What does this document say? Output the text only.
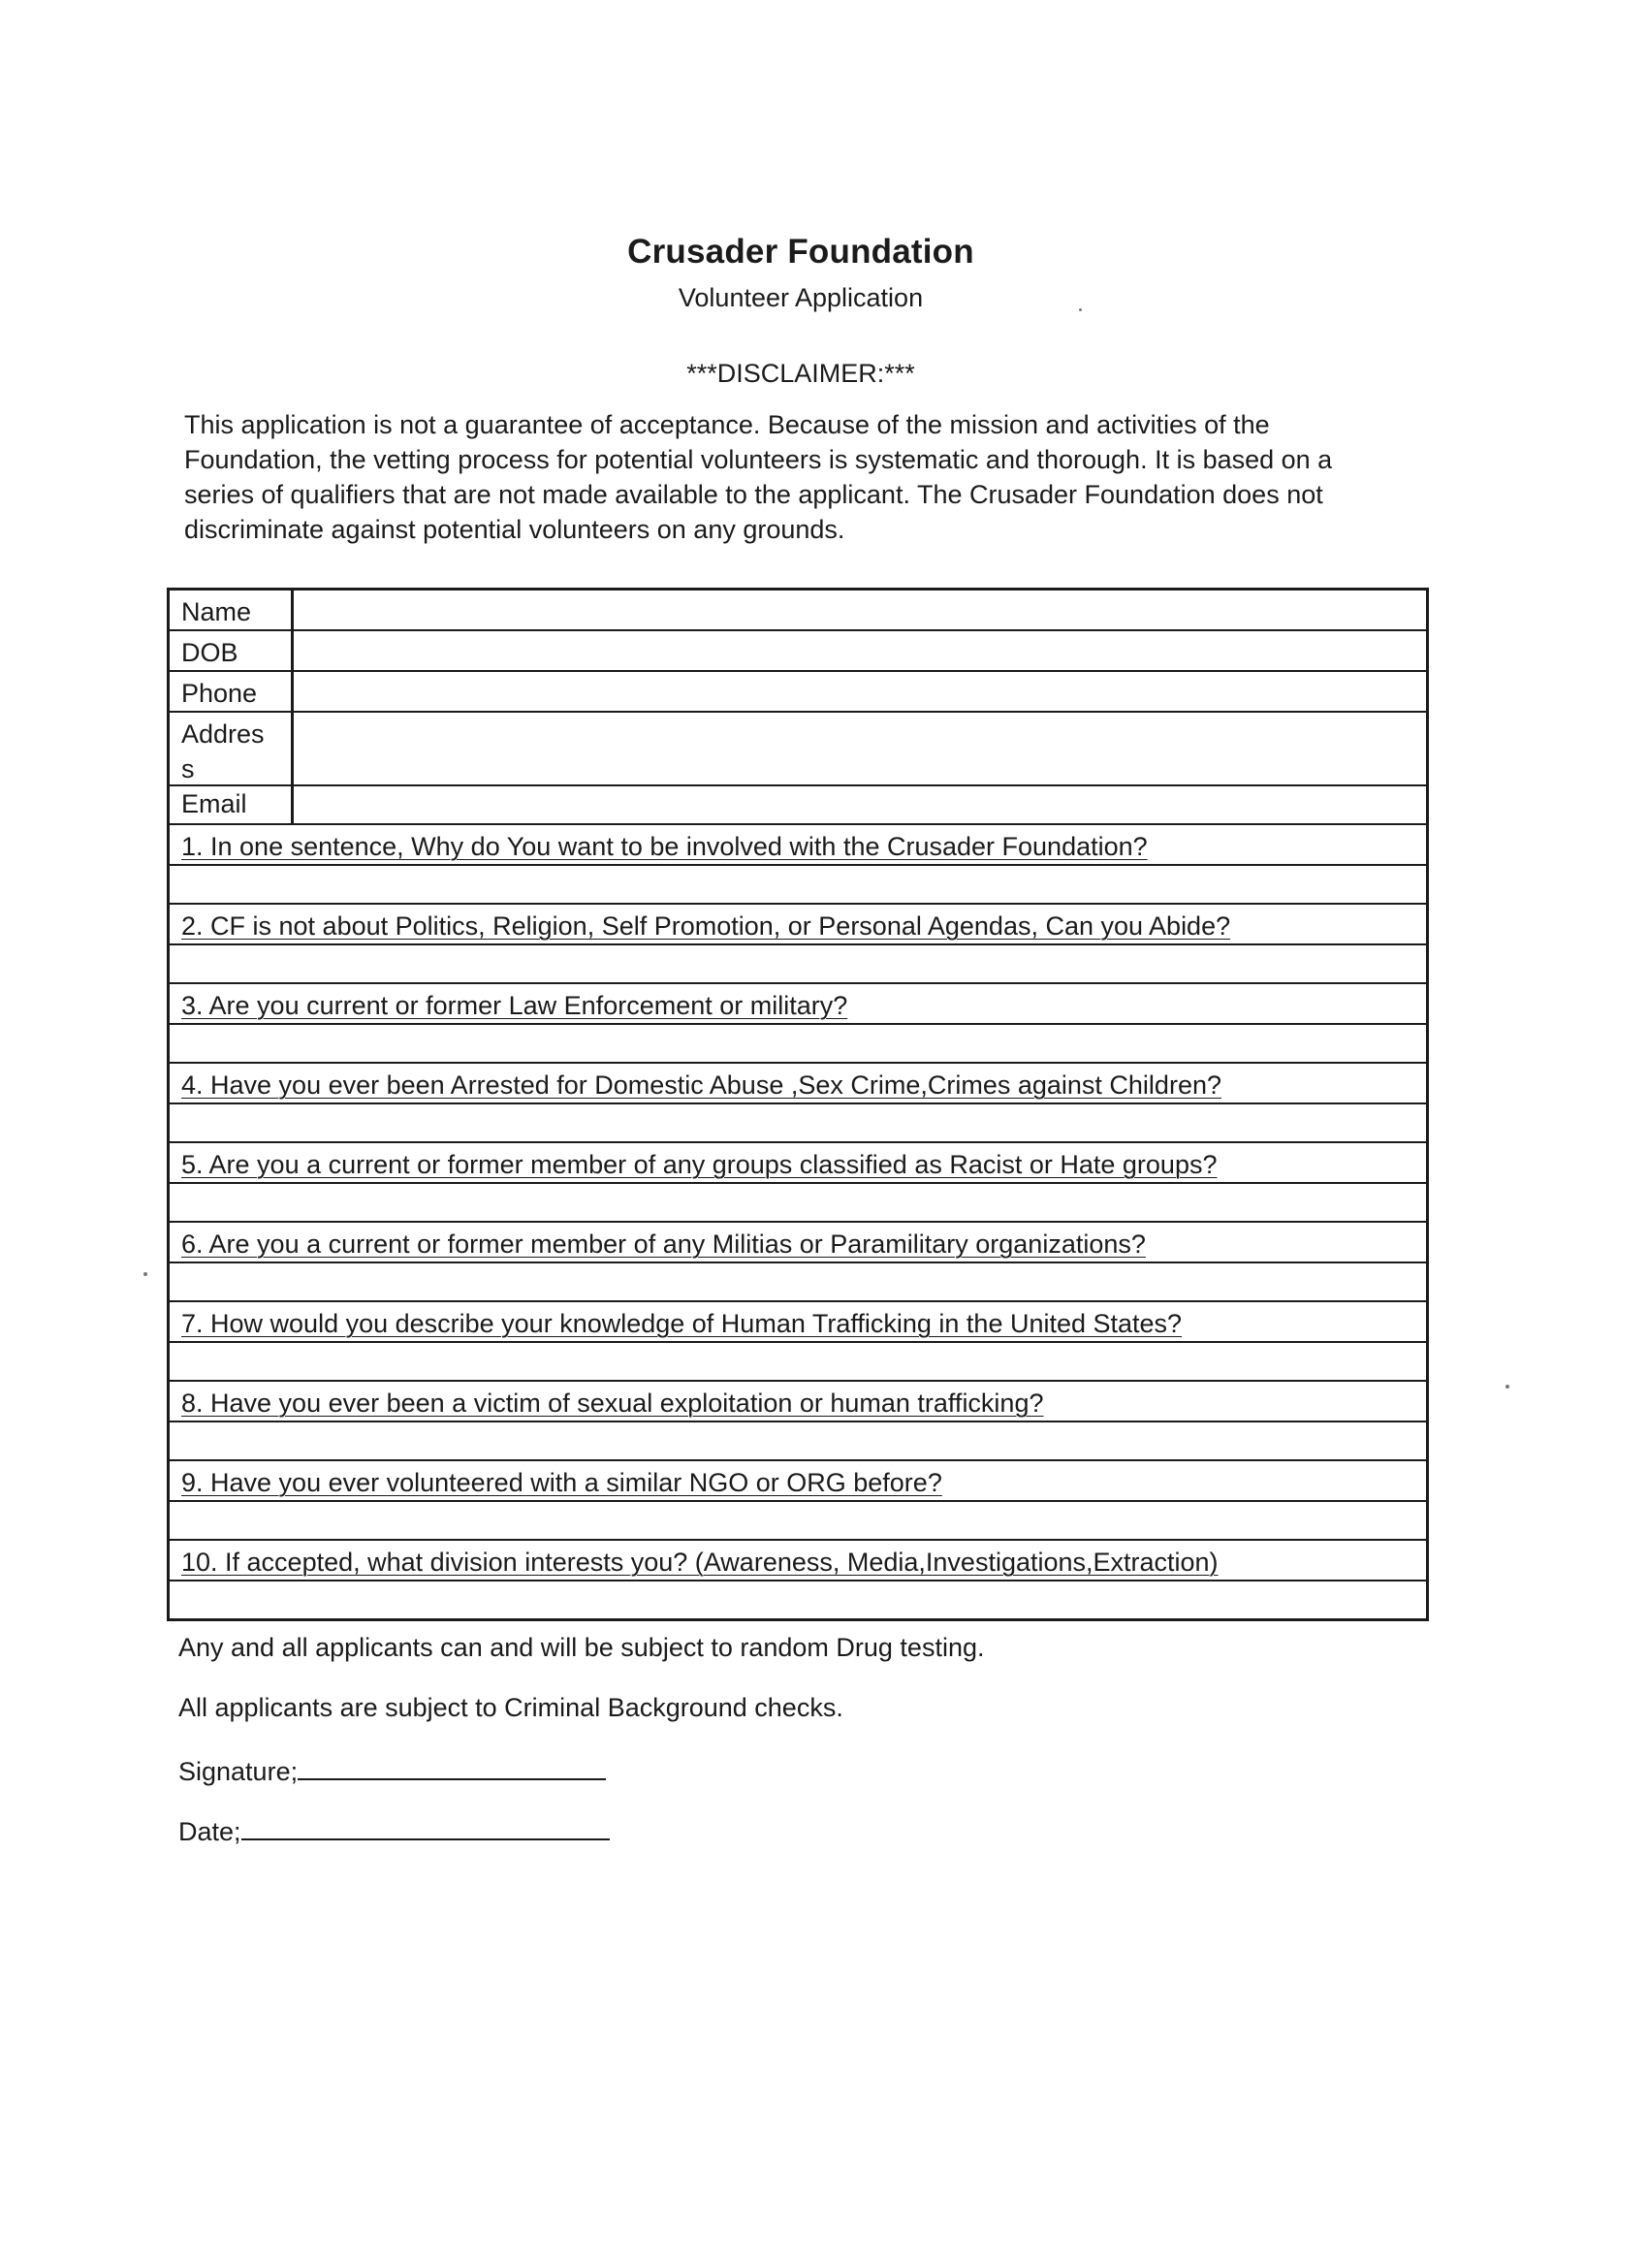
Crusader Foundation
Volunteer Application
***DISCLAIMER:***

This application is not a guarantee of acceptance. Because of the mission and activities of the
Foundation, the vetting process for potential volunteers is systematic and thorough. It is based on a
series of qualifiers that are not made available to the applicant. The Crusader Foundation does not
discriminate against potential volunteers on any grounds.

Name
DOB
Phone
Address
Email
1. In one sentence, Why do You want to be involved with the Crusader Foundation?
2. CF is not about Politics, Religion, Self Promotion, or Personal Agendas, Can you Abide?
3. Are you current or former Law Enforcement or military?
4. Have you ever been Arrested for Domestic Abuse ,Sex Crime,Crimes against Children?
5. Are you a current or former member of any groups classified as Racist or Hate groups?
6. Are you a current or former member of any Militias or Paramilitary organizations?
7. How would you describe your knowledge of Human Trafficking in the United States?
8. Have you ever been a victim of sexual exploitation or human trafficking?
9. Have you ever volunteered with a similar NGO or ORG before?
10. If accepted, what division interests you? (Awareness, Media,Investigations,Extraction)
Any and all applicants can and will be subject to random Drug testing.
All applicants are subject to Criminal Background checks.
Signature;
Date;
